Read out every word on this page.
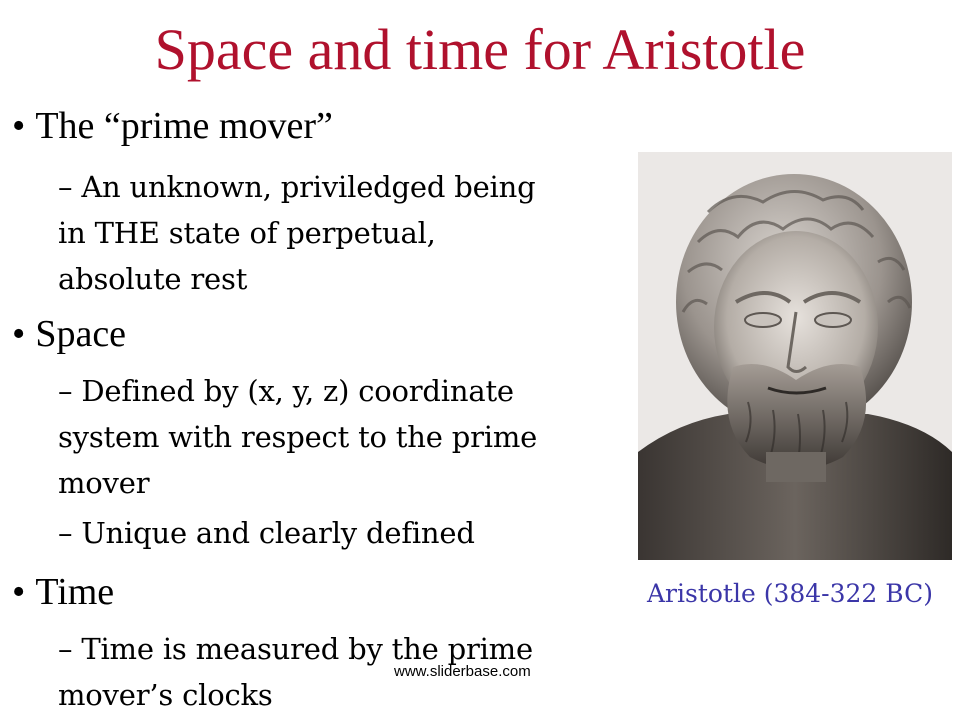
Space and time for Aristotle
• The “prime mover”
– An unknown, priviledged being
in THE state of perpetual,
absolute rest
• Space
– Defined by (x, y, z) coordinate
system with respect to the prime
mover
– Unique and clearly defined
• Time
– Time is measured by the prime
mover’s clocks
Aristotle (384-322 BC)
www.sliderbase.com
